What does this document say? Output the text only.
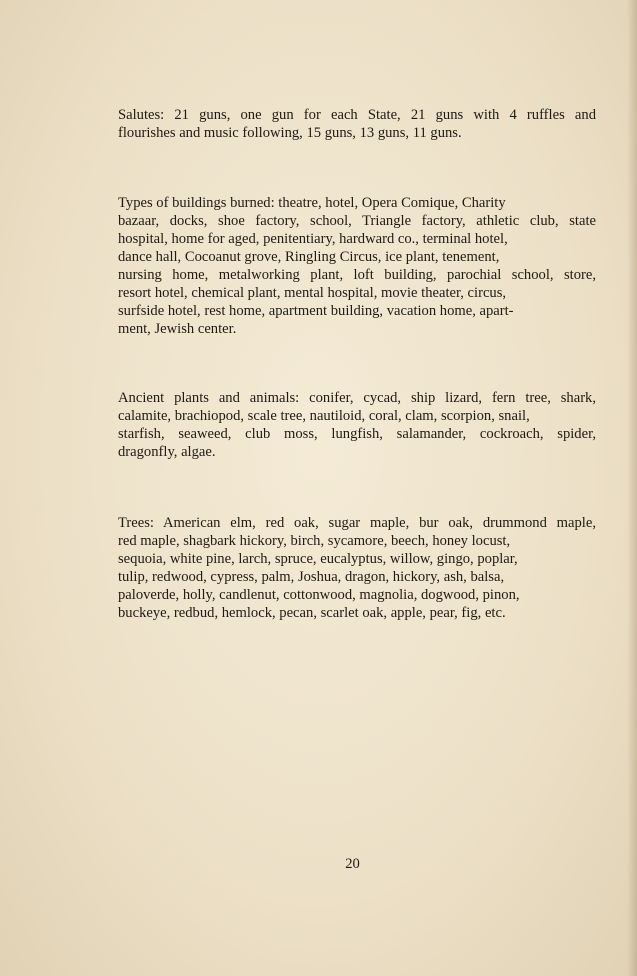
Salutes: 21 guns, one gun for each State, 21 guns with 4 ruffles and
flourishes and music following, 15 guns, 13 guns, 11 guns.

Types of buildings burned: theatre, hotel, Opera Comique, Charity
bazaar, docks, shoe factory, school, Triangle factory, athletic club, state
hospital, home for aged, penitentiary, hardward co., terminal hotel,
dance hall, Cocoanut grove, Ringling Circus, ice plant, tenement,
nursing home, metalworking plant, loft building, parochial school, store,
resort hotel, chemical plant, mental hospital, movie theater, circus,
surfside hotel, rest home, apartment building, vacation home, apart-
ment, Jewish center.

Ancient plants and animals: conifer, cycad, ship lizard, fern tree, shark,
calamite, brachiopod, scale tree, nautiloid, coral, clam, scorpion, snail,
starfish, seaweed, club moss, lungfish, salamander, cockroach, spider,
dragonfly, algae.

Trees: American elm, red oak, sugar maple, bur oak, drummond maple,
red maple, shagbark hickory, birch, sycamore, beech, honey locust,
sequoia, white pine, larch, spruce, eucalyptus, willow, gingo, poplar,
tulip, redwood, cypress, palm, Joshua, dragon, hickory, ash, balsa,
paloverde, holly, candlenut, cottonwood, magnolia, dogwood, pinon,
buckeye, redbud, hemlock, pecan, scarlet oak, apple, pear, fig, etc.

20
